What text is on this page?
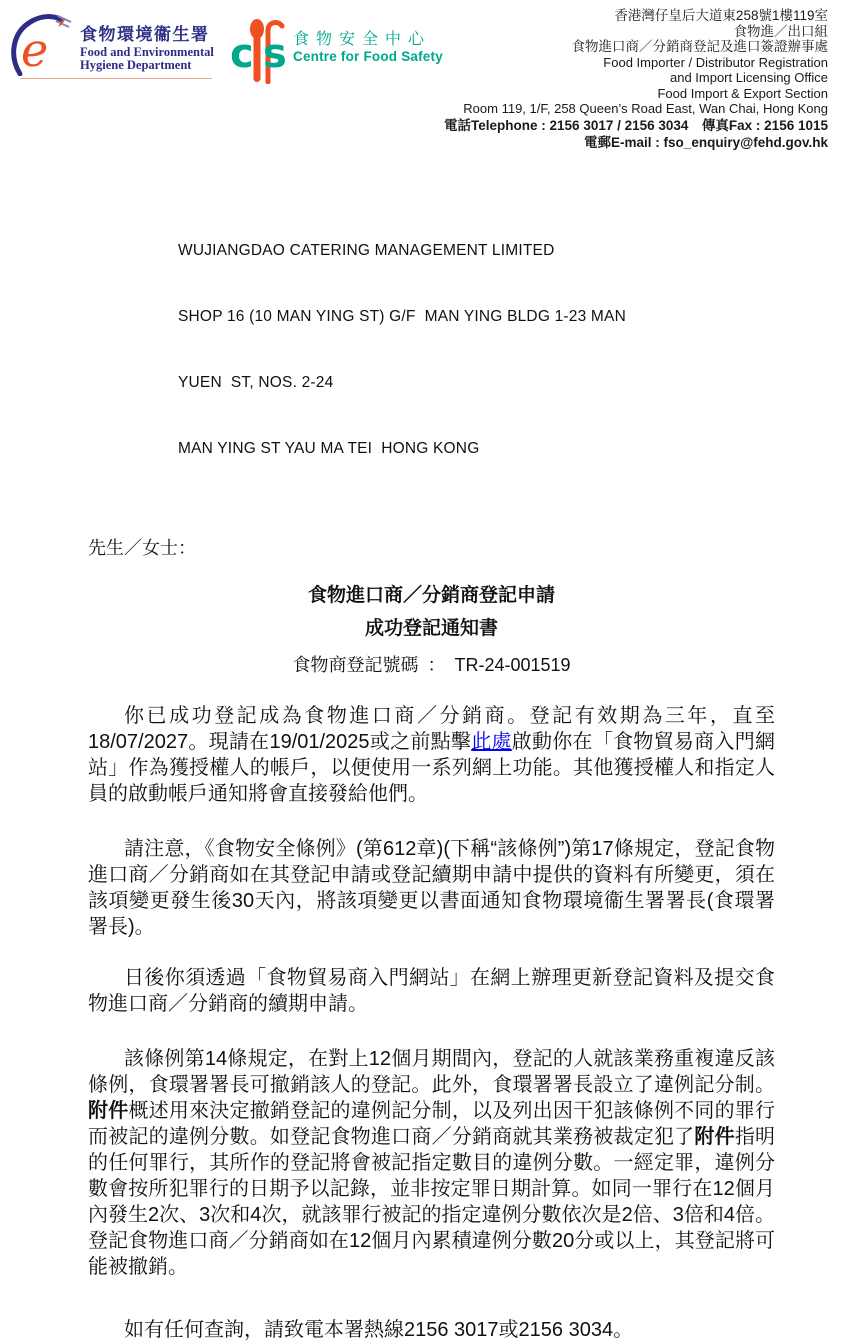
e ’ 食物環境衞生署
Food and Environmental
Hygiene Department c s 食物安全中心
Centre for Food Safety
香港灣仔皇后大道東258號1樓119室
食物進／出口組
食物進口商／分銷商登記及進口簽證辦事處
Food Importer / Distributor Registration
and Import Licensing Office
Food Import & Export Section
Room 119, 1/F, 258 Queen’s Road East, Wan Chai, Hong Kong
電話Telephone : 2156 3017 / 2156 3034　傳真Fax : 2156 1015
電郵E-mail : fso_enquiry@fehd.gov.hk

WUJIANGDAO CATERING MANAGEMENT LIMITED

SHOP 16 (10 MAN YING ST) G/F  MAN YING BLDG 1-23 MAN

YUEN  ST, NOS. 2-24

MAN YING ST YAU MA TEI  HONG KONG

先生／女士：
食物進口商／分銷商登記申請
成功登記通知書
食物商登記號碼 ： TR-24-001519

你已成功登記成為食物進口商／分銷商。登記有效期為三年，直至18/07/2027。現請在19/01/2025或之前點擊此處啟動你在「食物貿易商入門網站」作為獲授權人的帳戶，以便使用一系列網上功能。其他獲授權人和指定人員的啟動帳戶通知將會直接發給他們。

請注意，《食物安全條例》(第612章)(下稱“該條例”)第17條規定，登記食物進口商／分銷商如在其登記申請或登記續期申請中提供的資料有所變更，須在該項變更發生後30天內，將該項變更以書面通知食物環境衞生署署長(食環署署長)。

日後你須透過「食物貿易商入門網站」在網上辦理更新登記資料及提交食物進口商／分銷商的續期申請。

該條例第14條規定，在對上12個月期間內，登記的人就該業務重複違反該條例，食環署署長可撤銷該人的登記。此外，食環署署長設立了違例記分制。附件概述用來決定撤銷登記的違例記分制，以及列出因干犯該條例不同的罪行而被記的違例分數。如登記食物進口商／分銷商就其業務被裁定犯了附件指明的任何罪行，其所作的登記將會被記指定數目的違例分數。一經定罪，違例分數會按所犯罪行的日期予以記錄，並非按定罪日期計算。如同一罪行在12個月內發生2次、3次和4次，就該罪行被記的指定違例分數依次是2倍、3倍和4倍。登記食物進口商／分銷商如在12個月內累積違例分數20分或以上，其登記將可能被撤銷。

如有任何查詢，請致電本署熱線2156 3017或2156 3034。
